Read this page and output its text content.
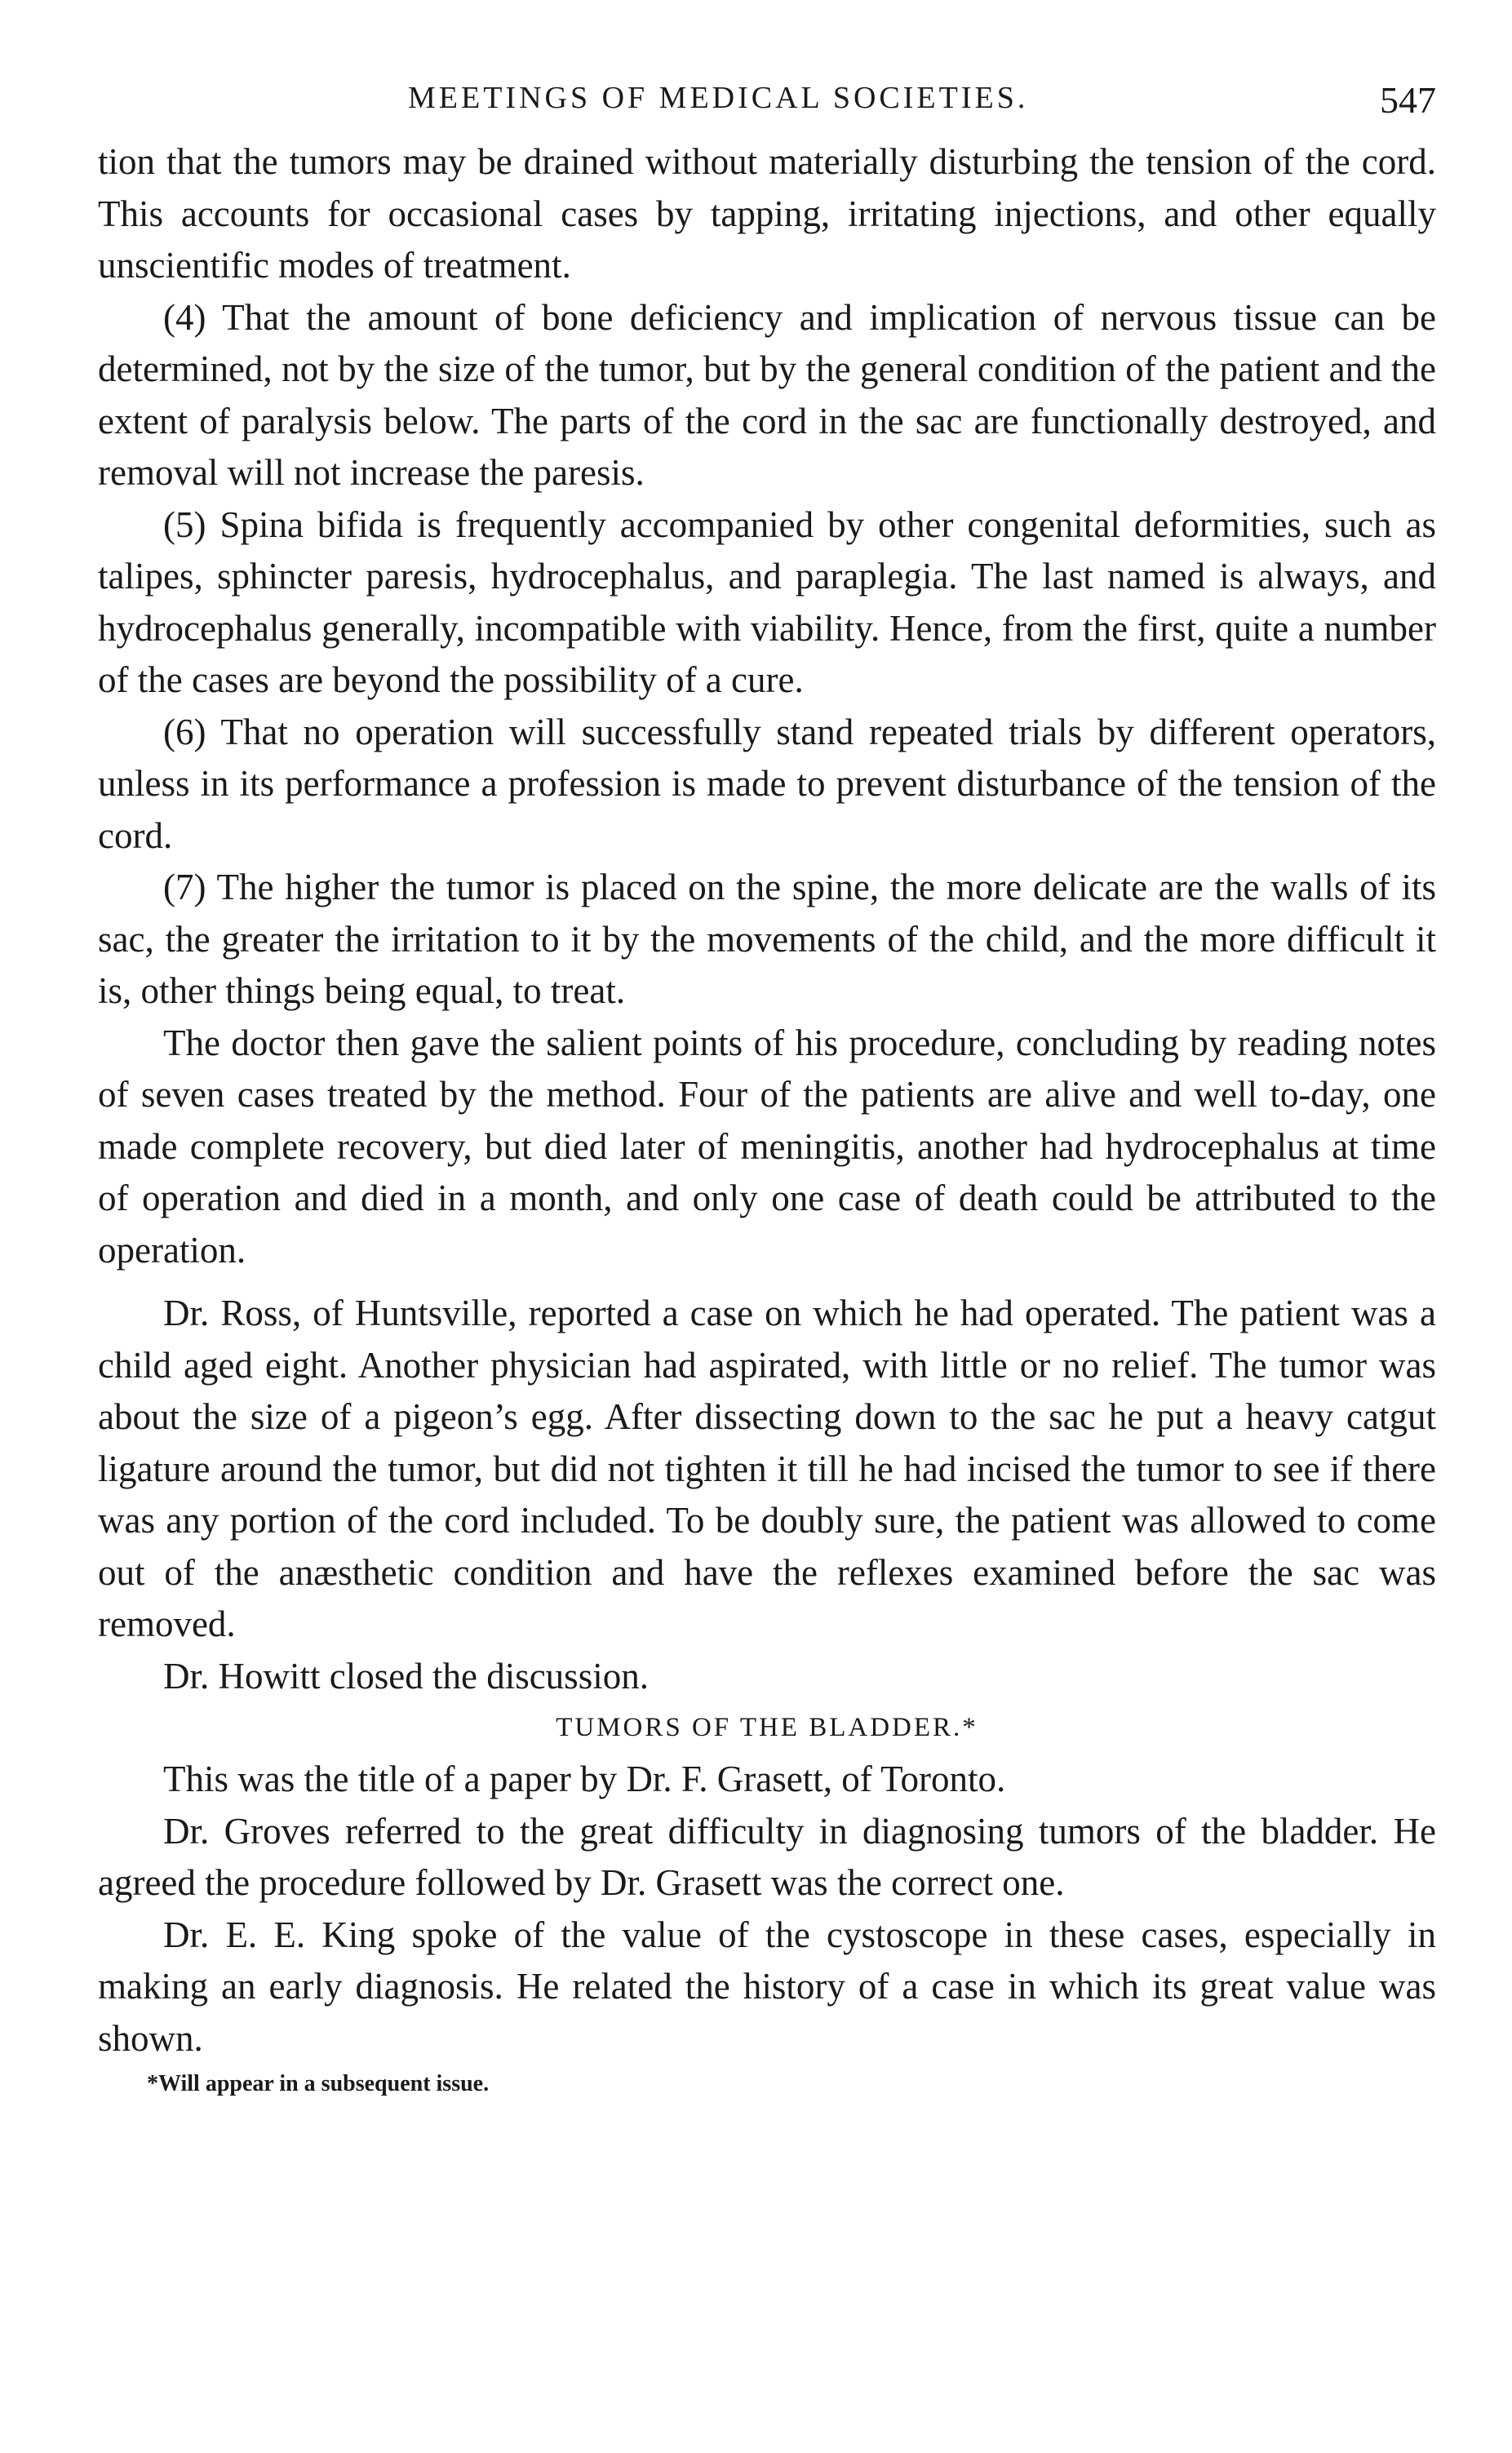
MEETINGS OF MEDICAL SOCIETIES.	547

tion that the tumors may be drained without materially disturbing the tension of the cord. This accounts for occasional cases by tapping, irritating injections, and other equally unscientific modes of treatment.

(4) That the amount of bone deficiency and implication of nervous tissue can be determined, not by the size of the tumor, but by the general condition of the patient and the extent of paralysis below. The parts of the cord in the sac are functionally destroyed, and removal will not increase the paresis.

(5) Spina bifida is frequently accompanied by other congenital deformities, such as talipes, sphincter paresis, hydrocephalus, and paraplegia. The last named is always, and hydrocephalus generally, incompatible with viability. Hence, from the first, quite a number of the cases are beyond the possibility of a cure.

(6) That no operation will successfully stand repeated trials by different operators, unless in its performance a profession is made to prevent disturbance of the tension of the cord.

(7) The higher the tumor is placed on the spine, the more delicate are the walls of its sac, the greater the irritation to it by the movements of the child, and the more difficult it is, other things being equal, to treat.

The doctor then gave the salient points of his procedure, concluding by reading notes of seven cases treated by the method. Four of the patients are alive and well to-day, one made complete recovery, but died later of meningitis, another had hydrocephalus at time of operation and died in a month, and only one case of death could be attributed to the operation.

Dr. Ross, of Huntsville, reported a case on which he had operated. The patient was a child aged eight. Another physician had aspirated, with little or no relief. The tumor was about the size of a pigeon’s egg. After dissecting down to the sac he put a heavy catgut ligature around the tumor, but did not tighten it till he had incised the tumor to see if there was any portion of the cord included. To be doubly sure, the patient was allowed to come out of the anæsthetic condition and have the reflexes examined before the sac was removed.

Dr. Howitt closed the discussion.

TUMORS OF THE BLADDER.*

This was the title of a paper by Dr. F. Grasett, of Toronto.

Dr. Groves referred to the great difficulty in diagnosing tumors of the bladder. He agreed the procedure followed by Dr. Grasett was the correct one.

Dr. E. E. King spoke of the value of the cystoscope in these cases, especially in making an early diagnosis. He related the history of a case in which its great value was shown.

*Will appear in a subsequent issue.
